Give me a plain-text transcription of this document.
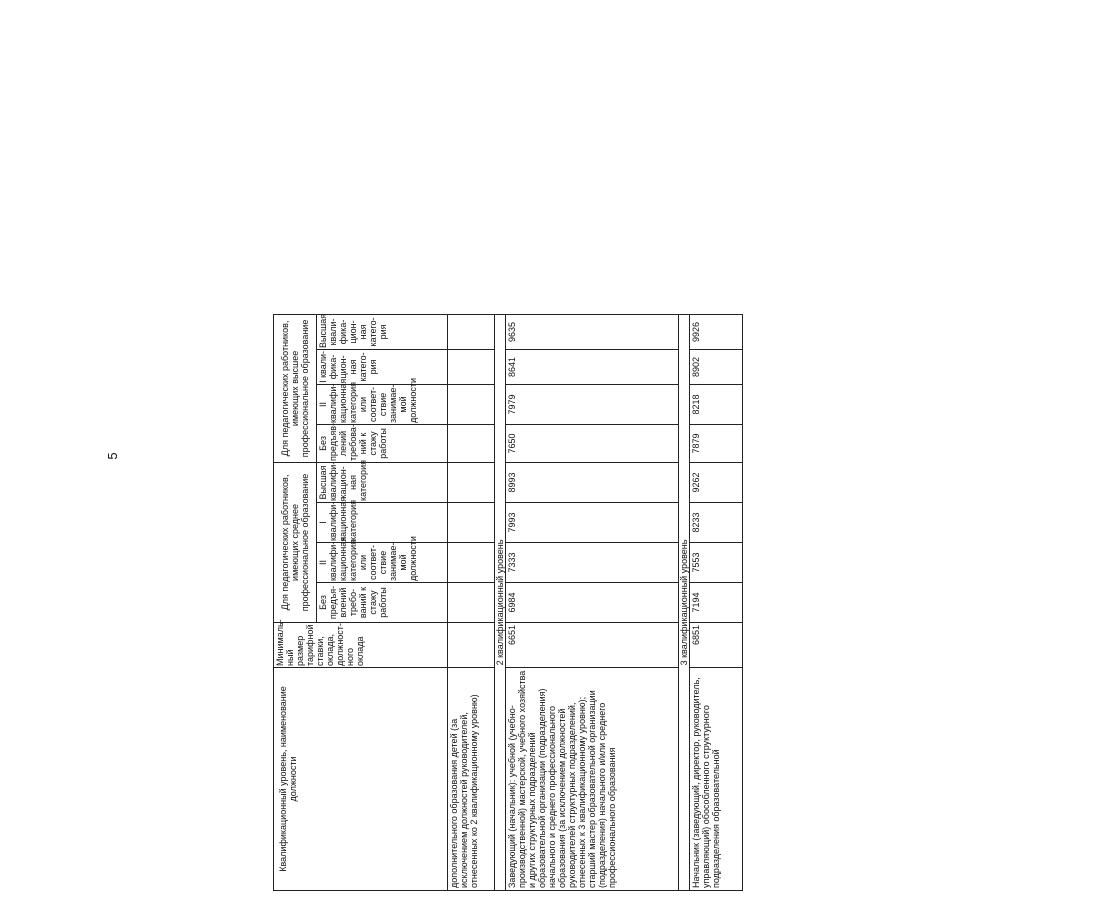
5
Квалификационный уровень, наименование должности	Минималь-ный размер тарифной ставки, оклада, должност-ного оклада	Для педагогических работников, имеющих среднее профессиональное образование				Для педагогических работников, имеющих высшее профессиональное образование				
		Без предъя-влений требо-ваний к стажу работы	II квалифи-кационная категория или соответ-ствие занимае-мой должности	I квалифи-кационная категория	Высшая квалифи-кацион-ная категория	Без предъяв-лений требова-ний к стажу работы	II квалифи-кационная категория или соответ-ствие занимае-мой должности	I квали-фика-цион-ная катего-рия	Высшая квали-фика-цион-ная катего-рия	
дополнительного образования детей (за исключением должностей руководителей, отнесенных ко 2 квалификационному уровню)										

2 квалификационный уровень										
Заведующий (начальник): учебной (учебно-производственной) мастерской, учебного хозяйства и других структурных подразделений образовательной организации (подразделения) начального и среднего профессионального образования (за исключением должностей руководителей структурных подразделений, отнесенных к 3 квалификационному уровню); старший мастер образовательной организации (подразделения) начального и/или среднего профессионального образования	6651	6984	7333	7993	8993	7650	7979	8641	9635	
3 квалификационный уровень										
Начальник (заведующий, директор, руководитель, управляющий) обособленного структурного подразделения образовательной	6851	7194	7553	8233	9262	7879	8218	8902	9926	
